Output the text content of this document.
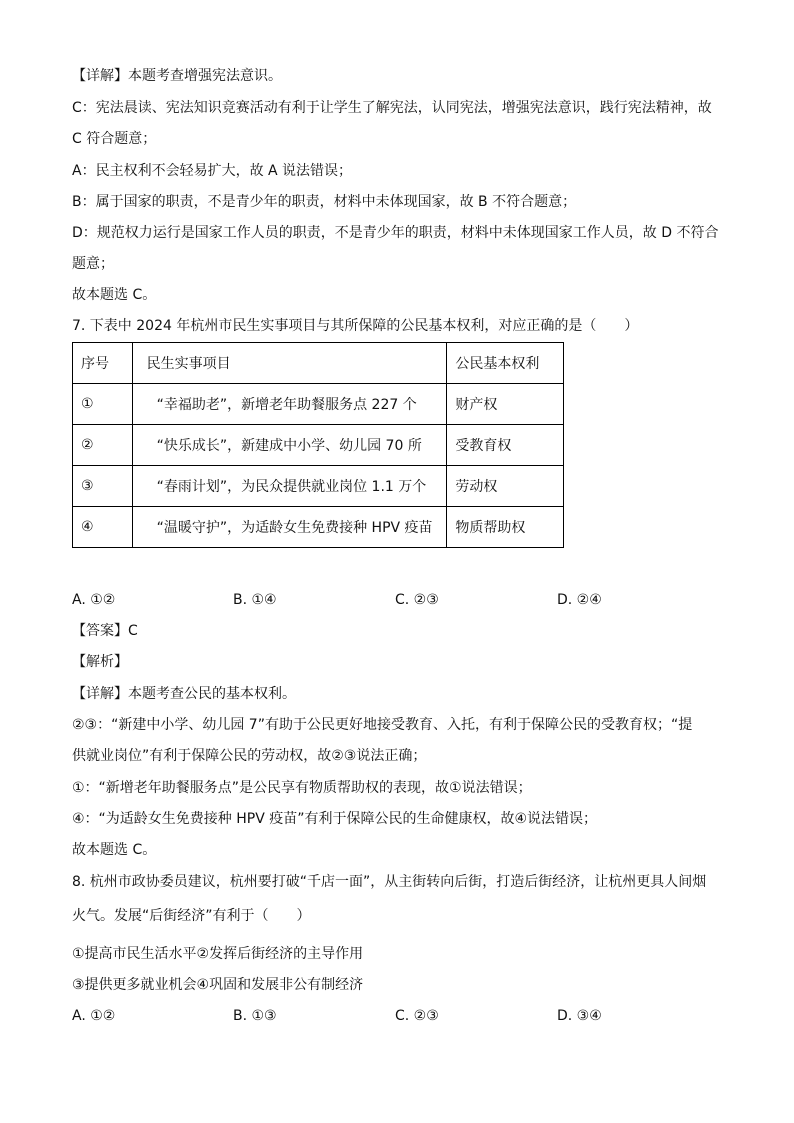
【详解】本题考查增强宪法意识。
C：宪法晨读、宪法知识竞赛活动有利于让学生了解宪法，认同宪法，增强宪法意识，践行宪法精神，故
C 符合题意；
A：民主权利不会轻易扩大，故 A 说法错误；
B：属于国家的职责，不是青少年的职责，材料中未体现国家，故 B 不符合题意；
D：规范权力运行是国家工作人员的职责，不是青少年的职责，材料中未体现国家工作人员，故 D 不符合
题意；
故本题选 C。
7. 下表中 2024 年杭州市民生实事项目与其所保障的公民基本权利，对应正确的是（　　）
序号	民生实事项目	公民基本权利
①	“幸福助老”，新增老年助餐服务点 227 个	财产权
②	“快乐成长”，新建成中小学、幼儿园 70 所	受教育权
③	“春雨计划”，为民众提供就业岗位 1.1 万个	劳动权
④	“温暖守护”，为适龄女生免费接种 HPV 疫苗	物质帮助权
A. ①②	B. ①④	C. ②③	D. ②④
【答案】C
【解析】
【详解】本题考查公民的基本权利。
②③：“新建中小学、幼儿园 7”有助于公民更好地接受教育、入托，有利于保障公民的受教育权；“提
供就业岗位”有利于保障公民的劳动权，故②③说法正确；
①：“新增老年助餐服务点”是公民享有物质帮助权的表现，故①说法错误；
④：“为适龄女生免费接种 HPV 疫苗”有利于保障公民的生命健康权，故④说法错误；
故本题选 C。
8. 杭州市政协委员建议，杭州要打破“千店一面”，从主街转向后街，打造后街经济，让杭州更具人间烟
火气。发展“后街经济”有利于（　　）
①提高市民生活水平②发挥后街经济的主导作用
③提供更多就业机会④巩固和发展非公有制经济
A. ①②	B. ①③	C. ②③	D. ③④
